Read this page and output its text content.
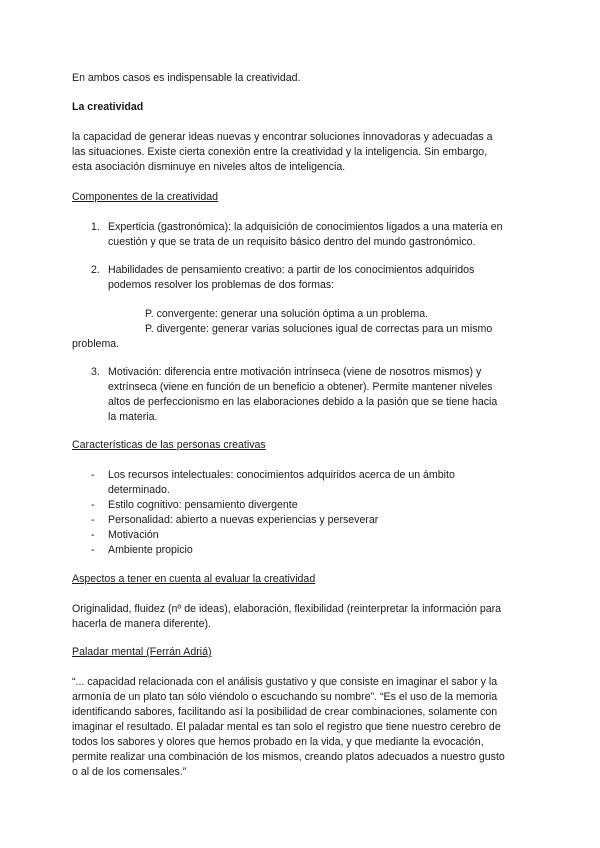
En ambos casos es indispensable la creatividad.
La creatividad
la capacidad de generar ideas nuevas y encontrar soluciones innovadoras y adecuadas a
las situaciones. Existe cierta conexión entre la creatividad y la inteligencia. Sin embargo,
esta asociación disminuye en niveles altos de inteligencia.
Componentes de la creatividad
1. Experticia (gastronómica): la adquisición de conocimientos ligados a una materia en
cuestión y que se trata de un requisito básico dentro del mundo gastronómico.
2. Habilidades de pensamiento creativo: a partir de los conocimientos adquiridos
podemos resolver los problemas de dos formas:
P. convergente: generar una solución óptima a un problema.
P. divergente: generar varias soluciones igual de correctas para un mismo
problema.
3. Motivación: diferencia entre motivación intrínseca (viene de nosotros mismos) y
extrínseca (viene en función de un beneficio a obtener). Permite mantener niveles
altos de perfeccionismo en las elaboraciones debido a la pasión que se tiene hacia
la materia.
Características de las personas creativas
- Los recursos intelectuales: conocimientos adquiridos acerca de un ámbito
determinado.
- Estilo cognitivo: pensamiento divergente
- Personalidad: abierto a nuevas experiencias y perseverar
- Motivación
- Ambiente propicio
Aspectos a tener en cuenta al evaluar la creatividad
Originalidad, fluidez (nº de ideas), elaboración, flexibilidad (reinterpretar la información para
hacerla de manera diferente).
Paladar mental (Ferrán Adriá)
“... capacidad relacionada con el análisis gustativo y que consiste en imaginar el sabor y la
armonía de un plato tan sólo viéndolo o escuchando su nombre”. “Es el uso de la memoria
identificando sabores, facilitando así la posibilidad de crear combinaciones, solamente con
imaginar el resultado. El paladar mental es tan solo el registro que tiene nuestro cerebro de
todos los sabores y olores que hemos probado en la vida, y que mediante la evocación,
permite realizar una combinación de los mismos, creando platos adecuados a nuestro gusto
o al de los comensales.”
